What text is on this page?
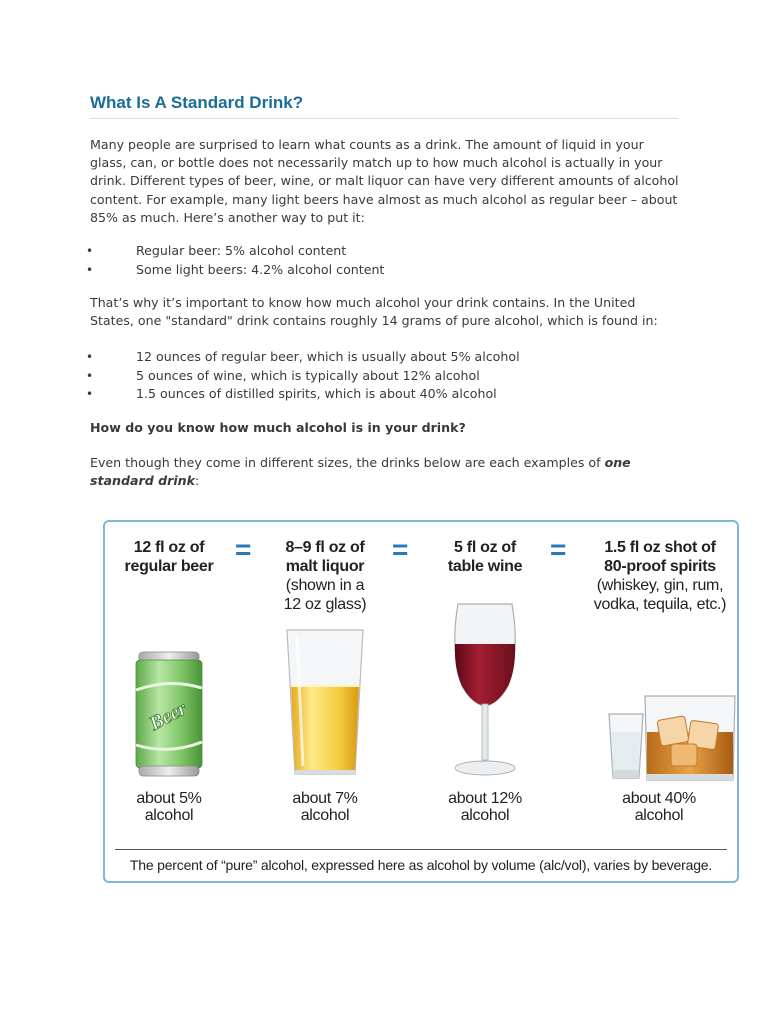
What Is A Standard Drink?

Many people are surprised to learn what counts as a drink. The amount of liquid in your glass, can, or bottle does not necessarily match up to how much alcohol is actually in your drink. Different types of beer, wine, or malt liquor can have very different amounts of alcohol content. For example, many light beers have almost as much alcohol as regular beer – about 85% as much. Here’s another way to put it:

•	Regular beer: 5% alcohol content
•	Some light beers: 4.2% alcohol content

That’s why it’s important to know how much alcohol your drink contains. In the United States, one "standard" drink contains roughly 14 grams of pure alcohol, which is found in:

•	12 ounces of regular beer, which is usually about 5% alcohol
•	5 ounces of wine, which is typically about 12% alcohol
•	1.5 ounces of distilled spirits, which is about 40% alcohol
How do you know how much alcohol is in your drink?

Even though they come in different sizes, the drinks below are each examples of one standard drink:

12 fl oz of
regular beer
=	8–9 fl oz of
malt liquor
(shown in a
12 oz glass)
=	5 fl oz of
table wine
=	1.5 fl oz shot of
80-proof spirits
(whiskey, gin, rum,
vodka, tequila, etc.)
Beer
about 5%
alcohol
about 7%
alcohol
about 12%
alcohol
about 40%
alcohol
The percent of “pure” alcohol, expressed here as alcohol by volume (alc/vol), varies by beverage.
